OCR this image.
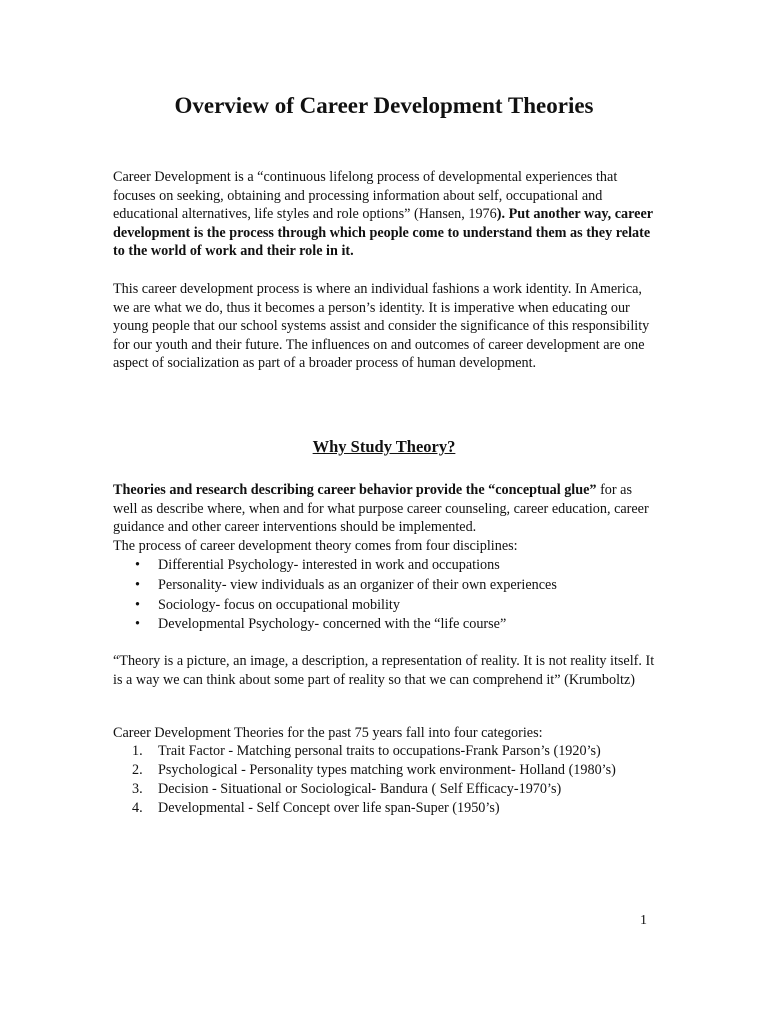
Overview of Career Development Theories

Career Development is a “continuous lifelong process of developmental experiences that focuses on seeking, obtaining and processing information about self, occupational and educational alternatives, life styles and role options” (Hansen, 1976). Put another way, career development is the process through which people come to understand them as they relate to the world of work and their role in it.

This career development process is where an individual fashions a work identity. In America, we are what we do, thus it becomes a person’s identity. It is imperative when educating our young people that our school systems assist and consider the significance of this responsibility for our youth and their future. The influences on and outcomes of career development are one aspect of socialization as part of a broader process of human development.

Why Study Theory?

Theories and research describing career behavior provide the “conceptual glue” for as well as describe where, when and for what purpose career counseling, career education, career guidance and other career interventions should be implemented.
The process of career development theory comes from four disciplines:

• Differential Psychology- interested in work and occupations
• Personality- view individuals as an organizer of their own experiences
• Sociology- focus on occupational mobility
• Developmental Psychology- concerned with the “life course”

“Theory is a picture, an image, a description, a representation of reality. It is not reality itself. It is a way we can think about some part of reality so that we can comprehend it” (Krumboltz)

Career Development Theories for the past 75 years fall into four categories:

1. Trait Factor - Matching personal traits to occupations-Frank Parson’s (1920’s)
2. Psychological - Personality types matching work environment- Holland (1980’s)
3. Decision - Situational or Sociological- Bandura ( Self Efficacy-1970’s)
4. Developmental - Self Concept over life span-Super (1950’s)
1
